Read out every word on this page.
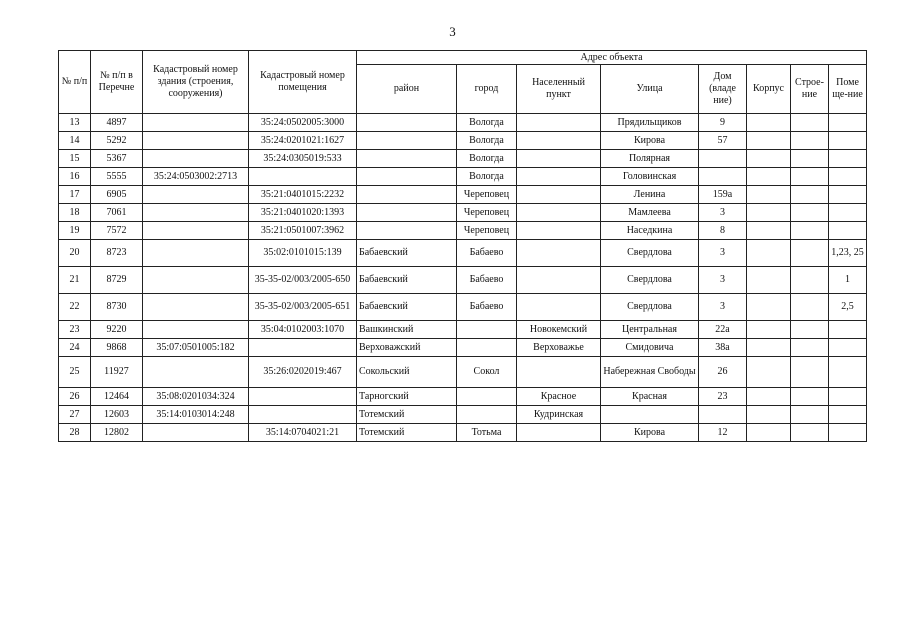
3
№ п/п	№ п/п в Перечне	Кадастровый номер здания (строения, сооружения)	Кадастровый номер помещения	Адрес объекта							
				район	город	Населенный пункт	Улица	Дом (владе ние)	Корпус	Строе-ние	Поме ще-ние
13	4897		35:24:0502005:3000		Вологда		Прядильщиков	9			
14	5292		35:24:0201021:1627		Вологда		Кирова	57			
15	5367		35:24:0305019:533		Вологда		Полярная				
16	5555	35:24:0503002:2713			Вологда		Головинская				
17	6905		35:21:0401015:2232		Череповец		Ленина	159а			
18	7061		35:21:0401020:1393		Череповец		Мамлеева	3			
19	7572		35:21:0501007:3962		Череповец		Наседкина	8			
20	8723		35:02:0101015:139	Бабаевский	Бабаево		Свердлова	3			1,23, 25
21	8729		35-35-02/003/2005-650	Бабаевский	Бабаево		Свердлова	3			1
22	8730		35-35-02/003/2005-651	Бабаевский	Бабаево		Свердлова	3			2,5
23	9220		35:04:0102003:1070	Вашкинский		Новокемский	Центральная	22а			
24	9868	35:07:0501005:182		Верховажский		Верховажье	Смидовича	38а			
25	11927		35:26:0202019:467	Сокольский	Сокол		Набережная Свободы	26			
26	12464	35:08:0201034:324		Тарногский		Красное	Красная	23			
27	12603	35:14:0103014:248		Тотемский		Кудринская					
28	12802		35:14:0704021:21	Тотемский	Тотьма		Кирова	12			
